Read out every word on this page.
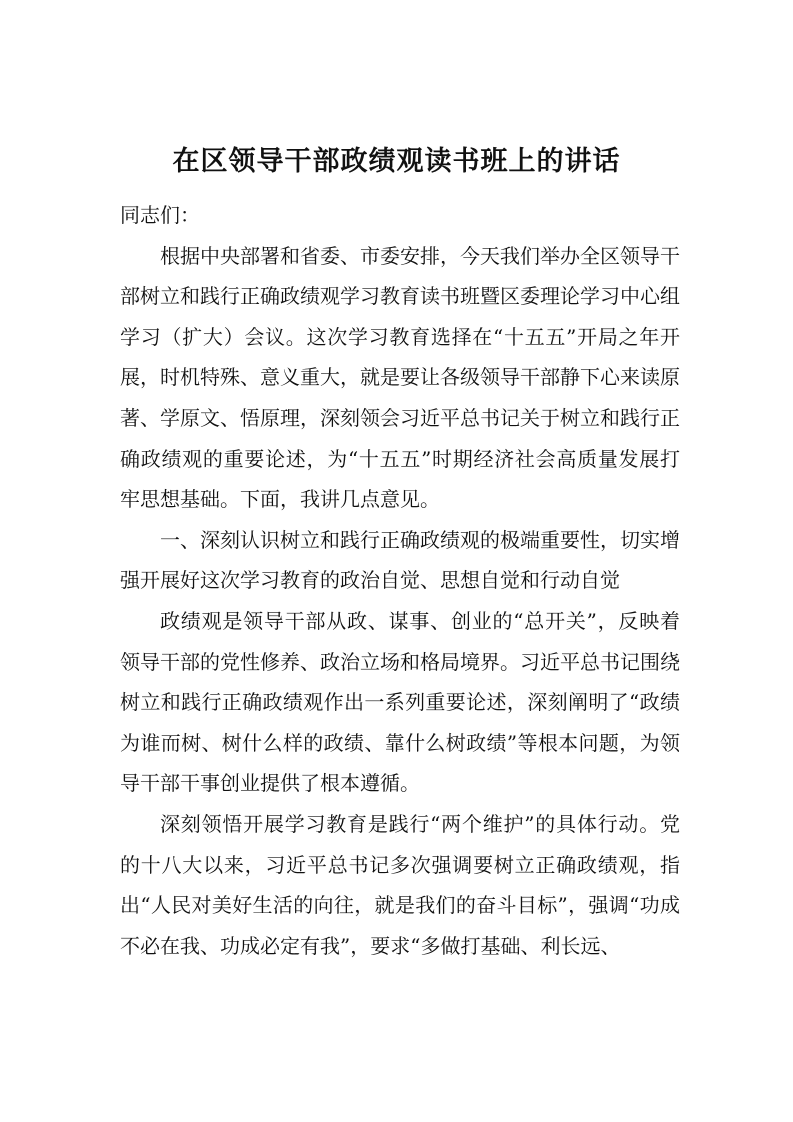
在区领导干部政绩观读书班上的讲话

同志们：

根据中央部署和省委、市委安排，今天我们举办全区领导干部树立和践行正确政绩观学习教育读书班暨区委理论学习中心组学习（扩大）会议。这次学习教育选择在“十五五”开局之年开展，时机特殊、意义重大，就是要让各级领导干部静下心来读原著、学原文、悟原理，深刻领会习近平总书记关于树立和践行正确政绩观的重要论述，为“十五五”时期经济社会高质量发展打牢思想基础。下面，我讲几点意见。

一、深刻认识树立和践行正确政绩观的极端重要性，切实增强开展好这次学习教育的政治自觉、思想自觉和行动自觉

政绩观是领导干部从政、谋事、创业的“总开关”，反映着领导干部的党性修养、政治立场和格局境界。习近平总书记围绕树立和践行正确政绩观作出一系列重要论述，深刻阐明了“政绩为谁而树、树什么样的政绩、靠什么树政绩”等根本问题，为领导干部干事创业提供了根本遵循。

深刻领悟开展学习教育是践行“两个维护”的具体行动。党的十八大以来，习近平总书记多次强调要树立正确政绩观，指出“人民对美好生活的向往，就是我们的奋斗目标”，强调“功成不必在我、功成必定有我”，要求“多做打基础、利长远、
